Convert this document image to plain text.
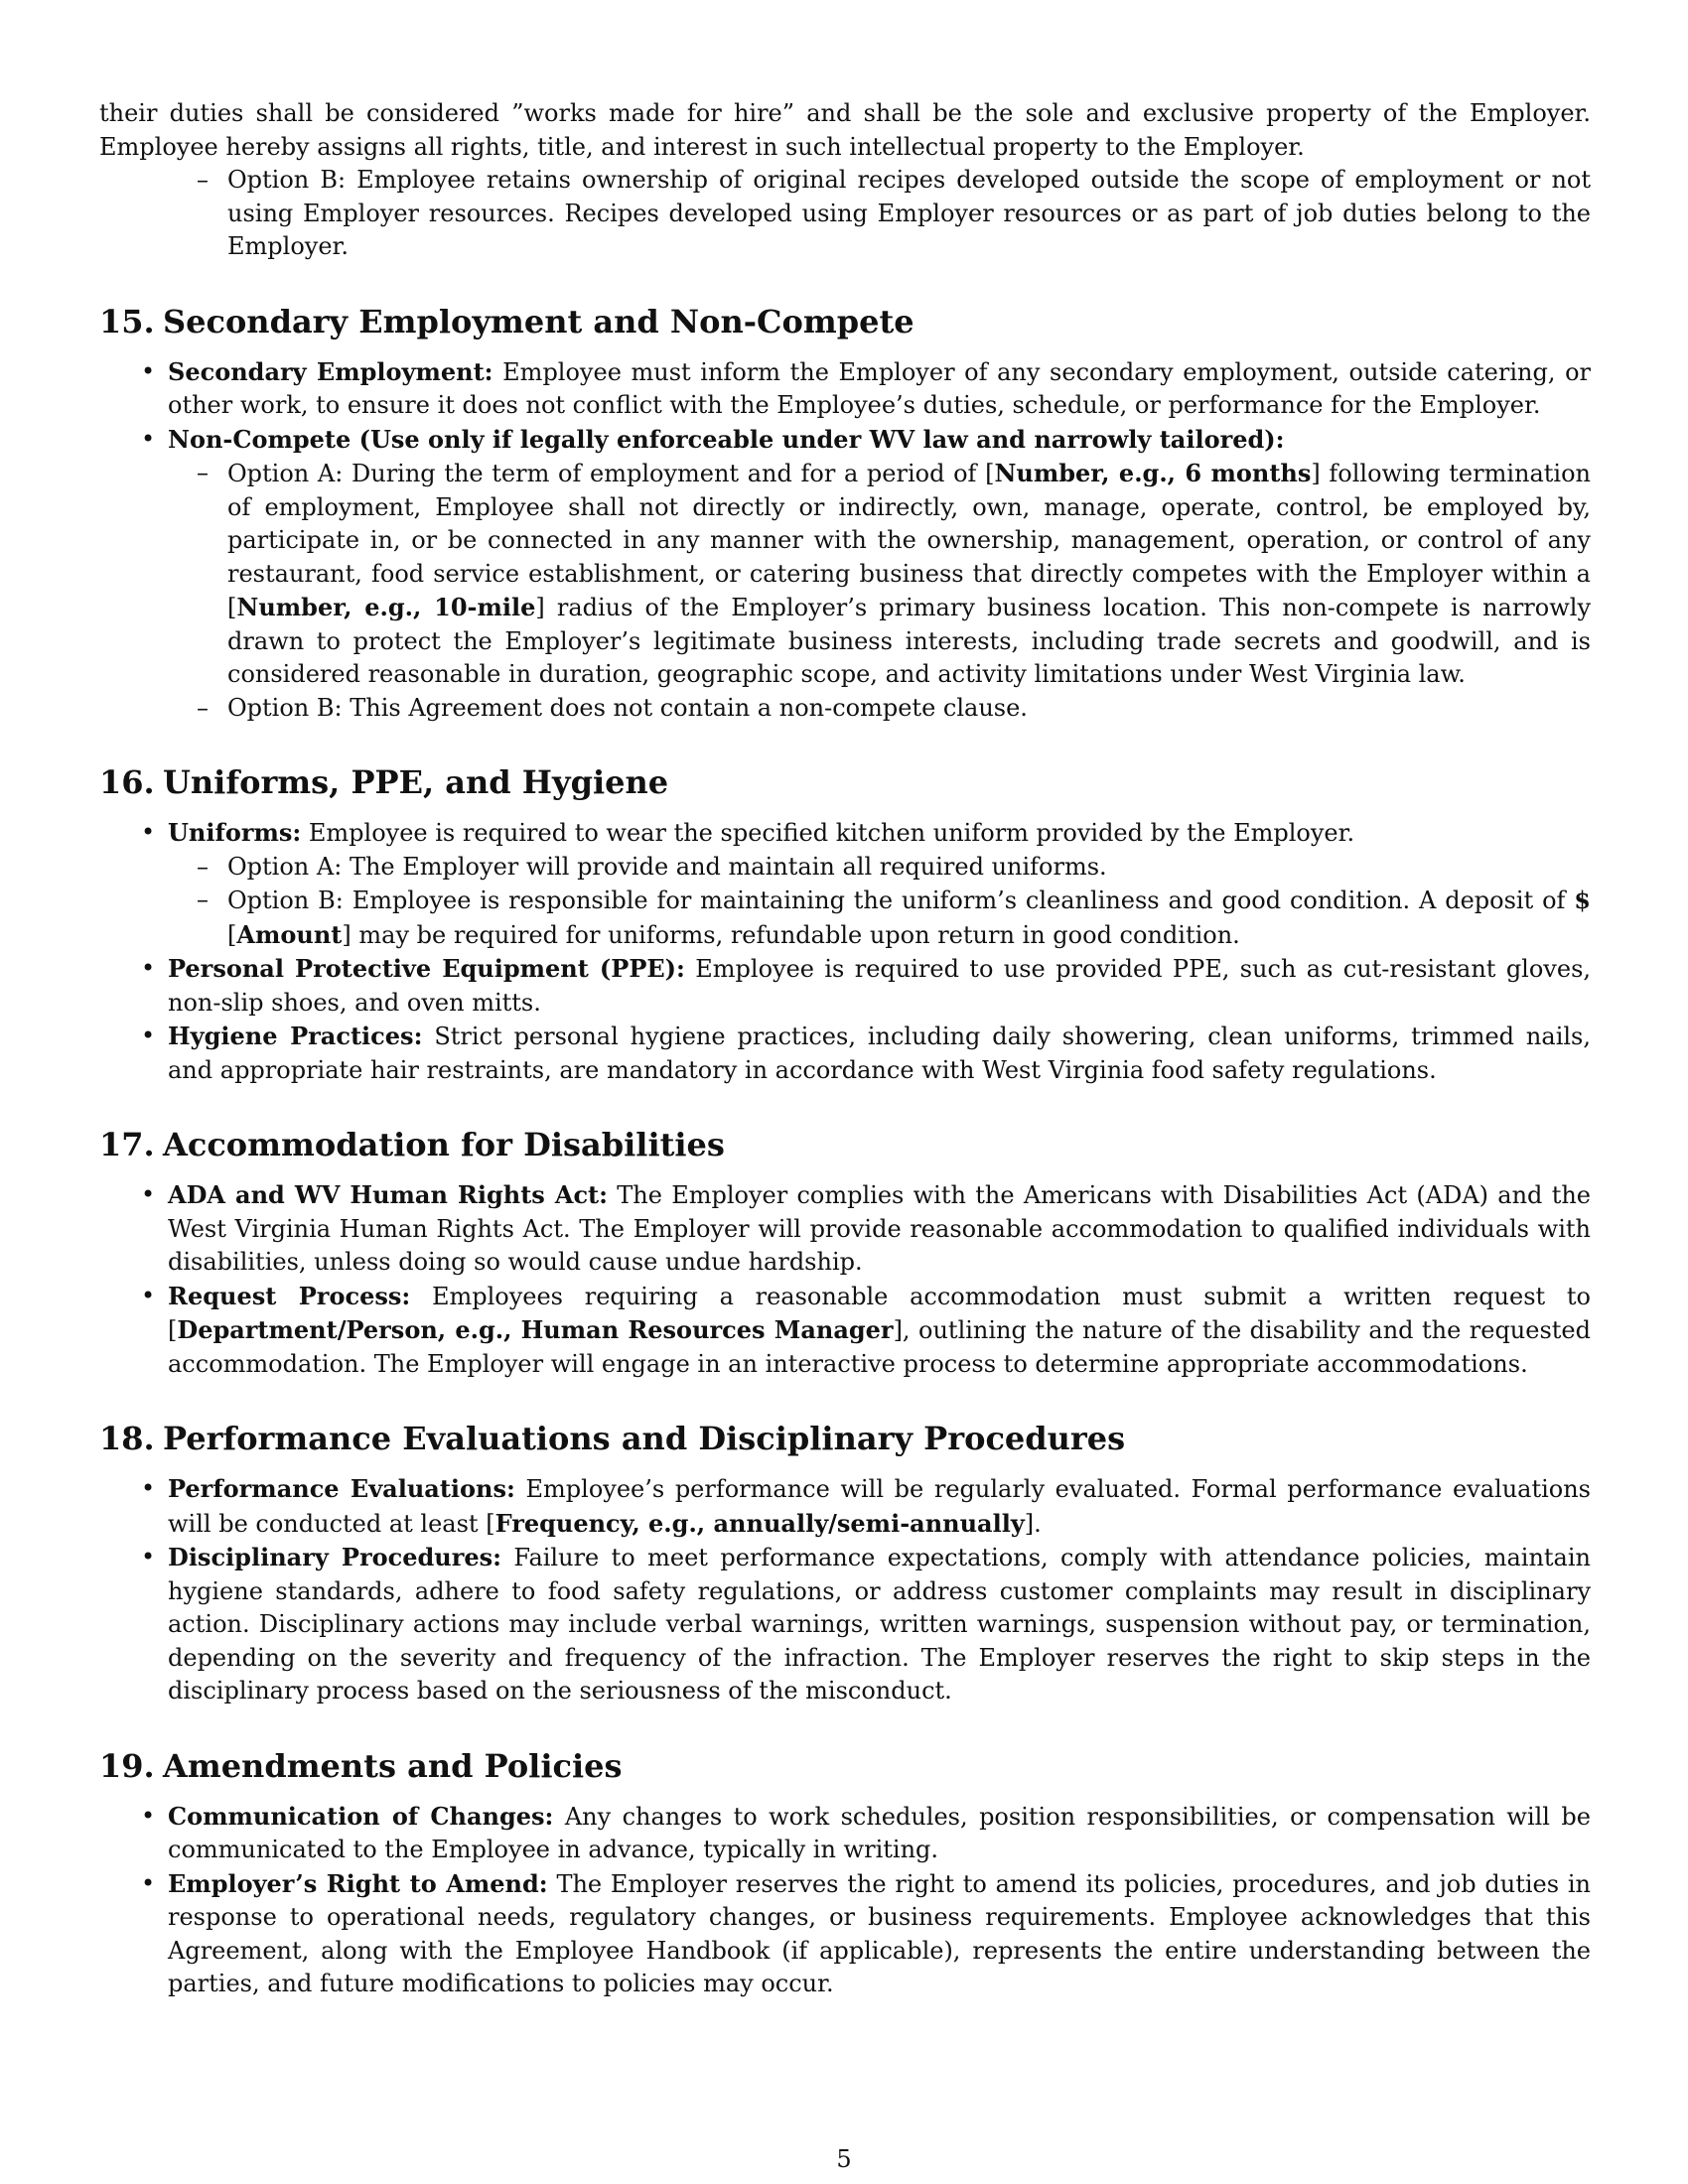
their duties shall be considered ”works made for hire” and shall be the sole and exclusive property of the Employer. Employee hereby assigns all rights, title, and interest in such intellectual property to the Employer.

– Option B: Employee retains ownership of original recipes developed outside the scope of employment or not using Employer resources. Recipes developed using Employer resources or as part of job duties belong to the Employer.
15. Secondary Employment and Non-Compete
• Secondary Employment: Employee must inform the Employer of any secondary employment, outside catering, or other work, to ensure it does not conflict with the Employee’s duties, schedule, or performance for the Employer.
• Non-Compete (Use only if legally enforceable under WV law and narrowly tailored):
– Option A: During the term of employment and for a period of [Number, e.g., 6 months] following termination of employment, Employee shall not directly or indirectly, own, manage, operate, control, be employed by, participate in, or be connected in any manner with the ownership, management, operation, or control of any restaurant, food service establishment, or catering business that directly competes with the Employer within a [Number, e.g., 10-mile] radius of the Employer’s primary business location. This non-compete is narrowly drawn to protect the Employer’s legitimate business interests, including trade secrets and goodwill, and is considered reasonable in duration, geographic scope, and activity limitations under West Virginia law.
– Option B: This Agreement does not contain a non-compete clause.
16. Uniforms, PPE, and Hygiene
• Uniforms: Employee is required to wear the specified kitchen uniform provided by the Employer.
– Option A: The Employer will provide and maintain all required uniforms.
– Option B: Employee is responsible for maintaining the uniform’s cleanliness and good condition. A deposit of $ [Amount] may be required for uniforms, refundable upon return in good condition.
• Personal Protective Equipment (PPE): Employee is required to use provided PPE, such as cut-resistant gloves, non-slip shoes, and oven mitts.
• Hygiene Practices: Strict personal hygiene practices, including daily showering, clean uniforms, trimmed nails, and appropriate hair restraints, are mandatory in accordance with West Virginia food safety regulations.
17. Accommodation for Disabilities
• ADA and WV Human Rights Act: The Employer complies with the Americans with Disabilities Act (ADA) and the West Virginia Human Rights Act. The Employer will provide reasonable accommodation to qualified individuals with disabilities, unless doing so would cause undue hardship.
• Request Process: Employees requiring a reasonable accommodation must submit a written request to [Department/Person, e.g., Human Resources Manager], outlining the nature of the disability and the requested accommodation. The Employer will engage in an interactive process to determine appropriate accommodations.
18. Performance Evaluations and Disciplinary Procedures
• Performance Evaluations: Employee’s performance will be regularly evaluated. Formal performance evaluations will be conducted at least [Frequency, e.g., annually/semi-annually].
• Disciplinary Procedures: Failure to meet performance expectations, comply with attendance policies, maintain hygiene standards, adhere to food safety regulations, or address customer complaints may result in disciplinary action. Disciplinary actions may include verbal warnings, written warnings, suspension without pay, or termination, depending on the severity and frequency of the infraction. The Employer reserves the right to skip steps in the disciplinary process based on the seriousness of the misconduct.
19. Amendments and Policies
• Communication of Changes: Any changes to work schedules, position responsibilities, or compensation will be communicated to the Employee in advance, typically in writing.
• Employer’s Right to Amend: The Employer reserves the right to amend its policies, procedures, and job duties in response to operational needs, regulatory changes, or business requirements. Employee acknowledges that this Agreement, along with the Employee Handbook (if applicable), represents the entire understanding between the parties, and future modifications to policies may occur.
5
